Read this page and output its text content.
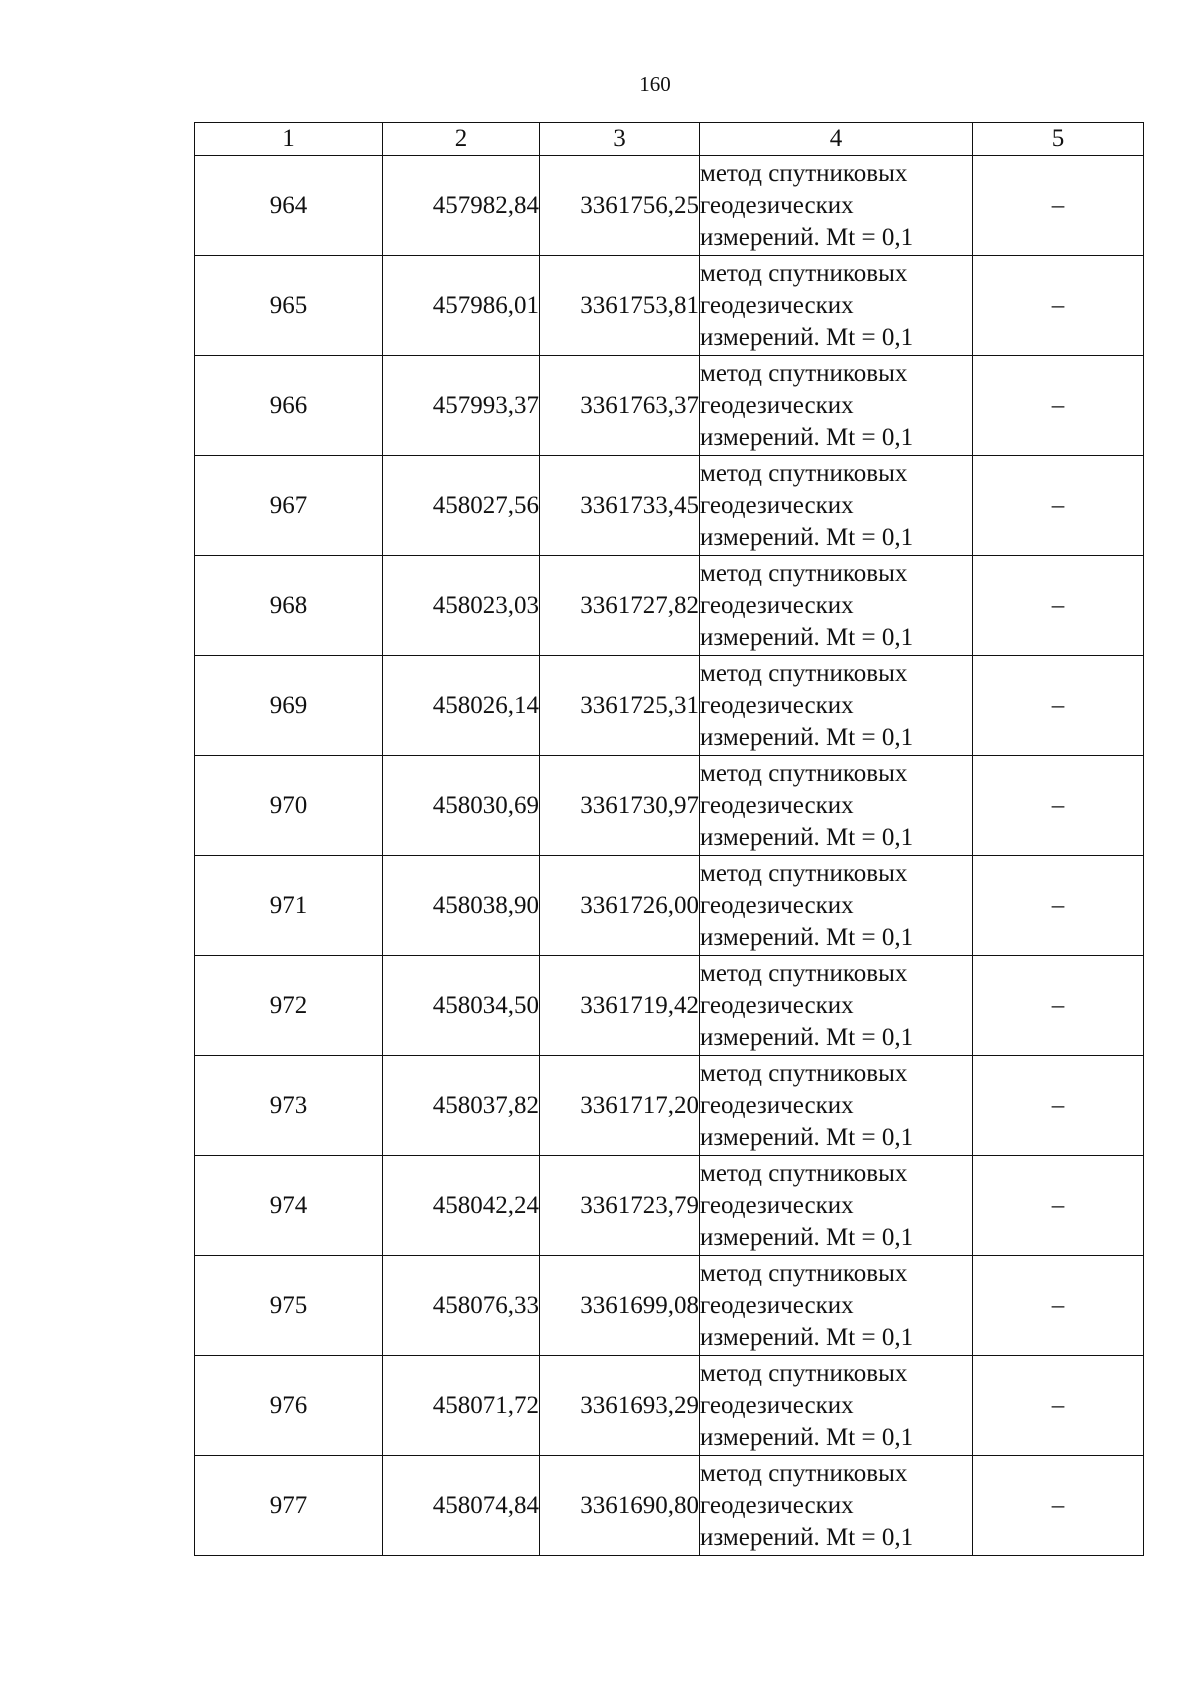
160
1	2	3	4	5
964	457982,84	3361756,25	метод спутниковых
геодезических
измерений. Mt = 0,1	–
965	457986,01	3361753,81	метод спутниковых
геодезических
измерений. Mt = 0,1	–
966	457993,37	3361763,37	метод спутниковых
геодезических
измерений. Mt = 0,1	–
967	458027,56	3361733,45	метод спутниковых
геодезических
измерений. Mt = 0,1	–
968	458023,03	3361727,82	метод спутниковых
геодезических
измерений. Mt = 0,1	–
969	458026,14	3361725,31	метод спутниковых
геодезических
измерений. Mt = 0,1	–
970	458030,69	3361730,97	метод спутниковых
геодезических
измерений. Mt = 0,1	–
971	458038,90	3361726,00	метод спутниковых
геодезических
измерений. Mt = 0,1	–
972	458034,50	3361719,42	метод спутниковых
геодезических
измерений. Mt = 0,1	–
973	458037,82	3361717,20	метод спутниковых
геодезических
измерений. Mt = 0,1	–
974	458042,24	3361723,79	метод спутниковых
геодезических
измерений. Mt = 0,1	–
975	458076,33	3361699,08	метод спутниковых
геодезических
измерений. Mt = 0,1	–
976	458071,72	3361693,29	метод спутниковых
геодезических
измерений. Mt = 0,1	–
977	458074,84	3361690,80	метод спутниковых
геодезических
измерений. Mt = 0,1	–
